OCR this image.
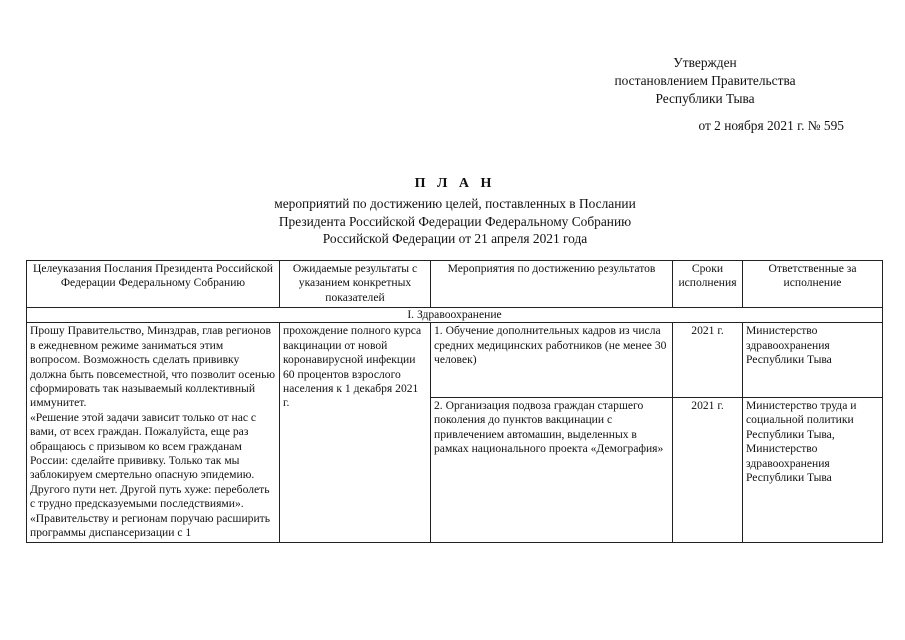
Утвержден
постановлением Правительства
Республики Тыва
от 2 ноября 2021 г. № 595
П Л А Н
мероприятий по достижению целей, поставленных в Послании
Президента Российской Федерации Федеральному Собранию
Российской Федерации от 21 апреля 2021 года
Целеуказания Послания Президента Российской Федерации Федеральному Собранию	Ожидаемые результаты с указанием конкретных показателей	Мероприятия по достижению результатов	Сроки исполнения	Ответственные за исполнение
I. Здравоохранение				

Прошу Правительство, Минздрав, глав регионов в ежедневном режиме заниматься этим вопросом. Возможность сделать прививку должна быть повсеместной, что позволит осенью сформировать так называемый коллективный иммунитет.
«Решение этой задачи зависит только от нас с вами, от всех граждан. Пожалуйста, еще раз обращаюсь с призывом ко всем гражданам России: сделайте прививку. Только так мы заблокируем смертельно опасную эпидемию. Другого пути нет. Другой путь хуже: переболеть с трудно предсказуемыми последствиями».
«Правительству и регионам поручаю расширить программы диспансеризации с 1	прохождение полного курса вакцинации от новой коронавирусной инфекции 60 процентов взрослого населения к 1 декабря 2021 г.	1. Обучение дополнительных кадров из числа средних медицинских работников (не менее 30 человек)	2021 г.	Министерство здравоохранения Республики Тыва
		2. Организация подвоза граждан старшего поколения до пунктов вакцинации с привлечением автомашин, выделенных в рамках национального проекта «Демография»	2021 г.	Министерство труда и социальной политики Республики Тыва, Министерство здравоохранения Республики Тыва
